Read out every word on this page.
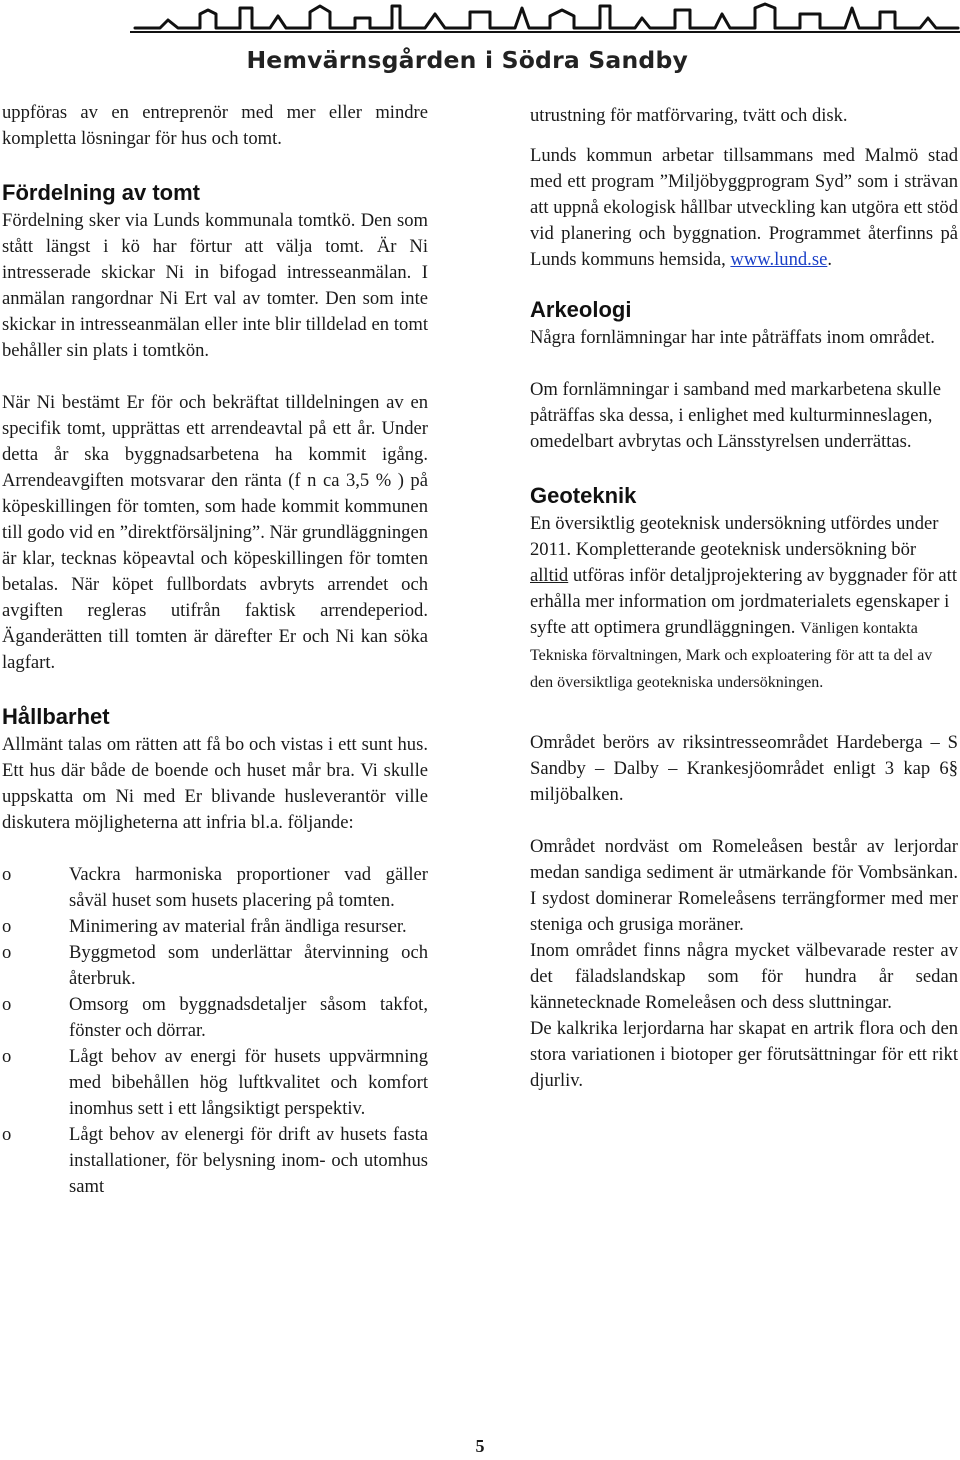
Hemvärnsgården i Södra Sandby

uppföras av en entreprenör med mer eller mindre kompletta lösningar för hus och tomt.

Fördelning av tomt

Fördelning sker via Lunds kommunala tomtkö. Den som stått längst i kö har förtur att välja tomt. Är Ni intresserade skickar Ni in bifogad intresseanmälan. I anmälan rangordnar Ni Ert val av tomter. Den som inte skickar in intresseanmälan eller inte blir tilldelad en tomt behåller sin plats i tomtkön.

När Ni bestämt Er för och bekräftat tilldelningen av en specifik tomt, upprättas ett arrendeavtal på ett år. Under detta år ska byggnadsarbetena ha kommit igång. Arrendeavgiften motsvarar den ränta (f n ca 3,5 % ) på köpeskillingen för tomten, som hade kommit kommunen till godo vid en ”direktförsäljning”. När grundläggningen är klar, tecknas köpeavtal och köpeskillingen för tomten betalas. När köpet fullbordats avbryts arrendet och avgiften regleras utifrån faktisk arrendeperiod. Äganderätten till tomten är därefter Er och Ni kan söka lagfart.

Hållbarhet

Allmänt talas om rätten att få bo och vistas i ett sunt hus. Ett hus där både de boende och huset mår bra. Vi skulle uppskatta om Ni med Er blivande husleverantör ville diskutera möjligheterna att infria bl.a. följande:

o	Vackra harmoniska proportioner vad gäller såväl huset som husets placering på tomten.
o	Minimering av material från ändliga resurser.
o	Byggmetod som underlättar återvinning och återbruk.
o	Omsorg om byggnadsdetaljer såsom takfot, fönster och dörrar.
o	Lågt behov av energi för husets uppvärmning med bibehållen hög luftkvalitet och komfort inomhus sett i ett långsiktigt perspektiv.
o	Lågt behov av elenergi för drift av husets fasta installationer, för belysning inom- och utomhus samt

utrustning för matförvaring, tvätt och disk.

Lunds kommun arbetar tillsammans med Malmö stad med ett program ”Miljöbyggprogram Syd” som i strävan att uppnå ekologisk hållbar utveckling kan utgöra ett stöd vid planering och byggnation. Programmet återfinns på Lunds kommuns hemsida, www.lund.se.

Arkeologi

Några fornlämningar har inte påträffats inom området.

Om fornlämningar i samband med markarbetena skulle påträffas ska dessa, i enlighet med kulturminneslagen, omedelbart avbrytas och Länsstyrelsen underrättas.

Geoteknik

En översiktlig geoteknisk undersökning utfördes under 2011. Kompletterande geoteknisk undersökning bör alltid utföras inför detaljprojektering av byggnader för att erhålla mer information om jordmaterialets egenskaper i syfte att optimera grundläggningen. Vänligen kontakta Tekniska förvaltningen, Mark och exploatering för att ta del av den översiktliga geotekniska undersökningen.

Området berörs av riksintresseområdet Hardeberga – S Sandby – Dalby – Krankesjöområdet enligt 3 kap 6§ miljöbalken.

Området nordväst om Romeleåsen består av lerjordar medan sandiga sediment är utmärkande för Vombsänkan. I sydost dominerar Romeleåsens terrängformer med mer steniga och grusiga moräner.

Inom området finns några mycket välbevarade rester av det fäladslandskap som för hundra år sedan kännetecknade Romeleåsen och dess sluttningar.

De kalkrika lerjordarna har skapat en artrik flora och den stora variationen i biotoper ger förutsättningar för ett rikt djurliv.

5
